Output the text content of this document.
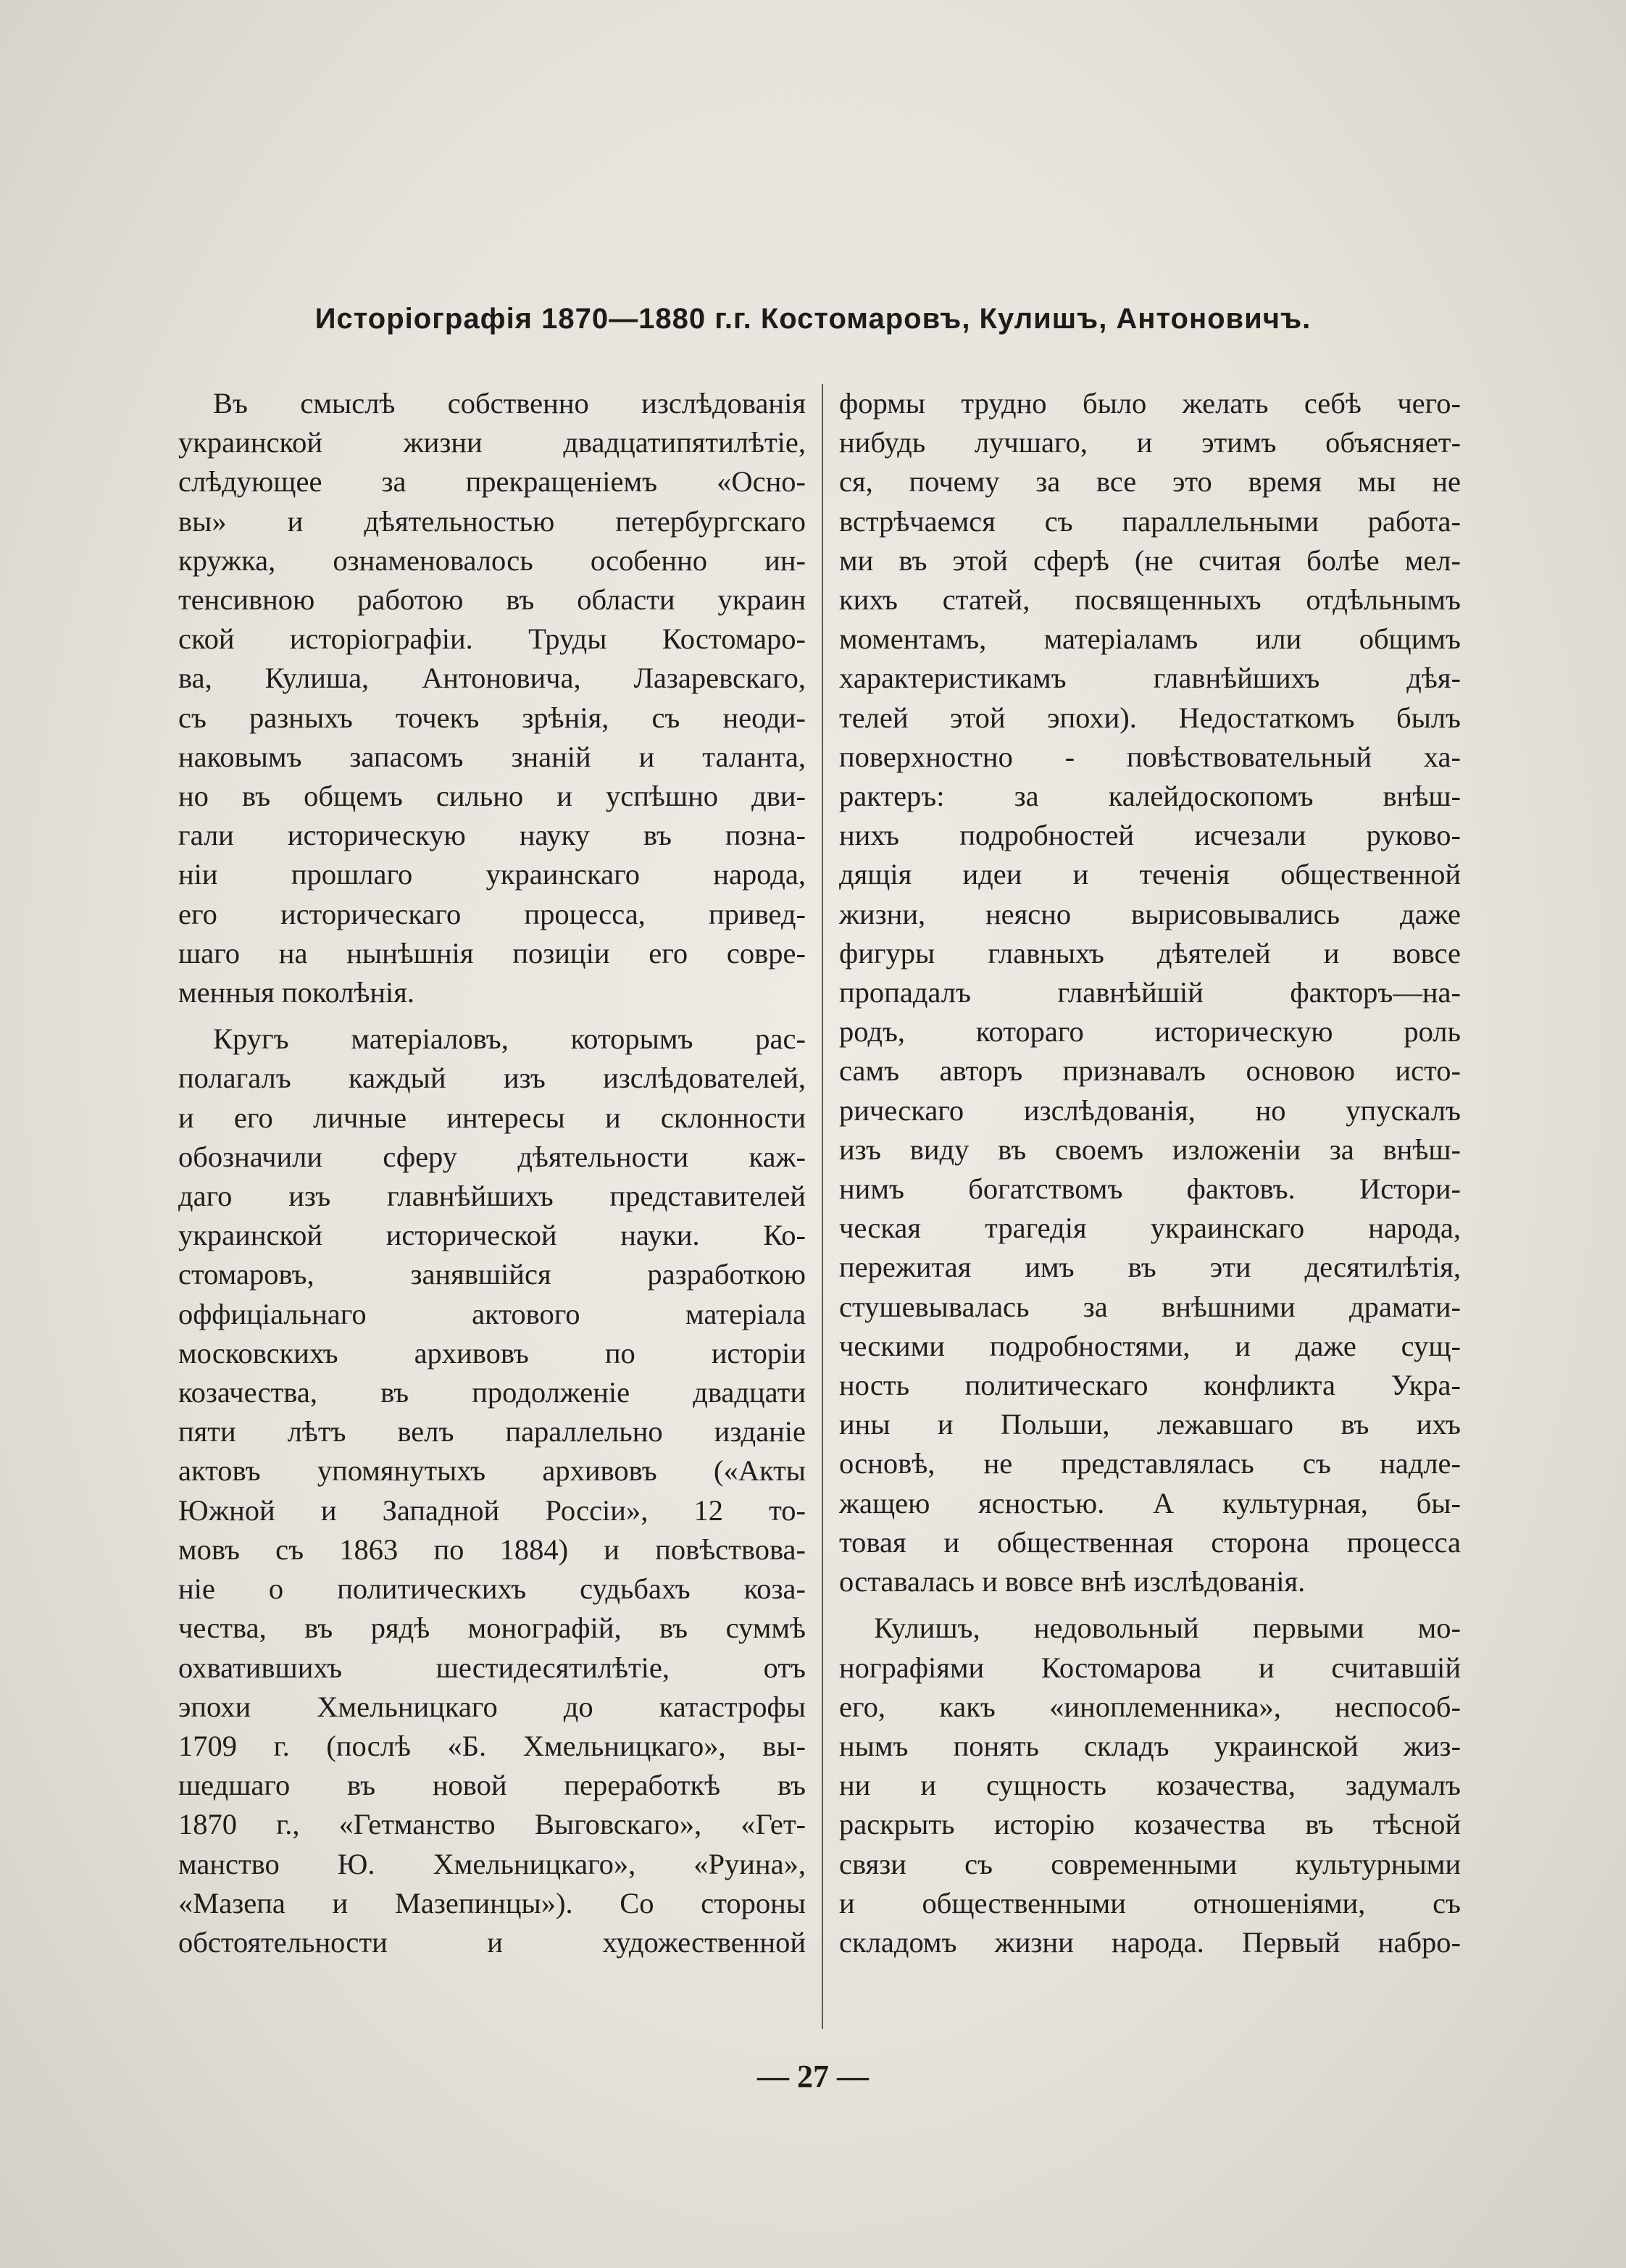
Исторіографія 1870—1880 г.г. Костомаровъ, Кулишъ, Антоновичъ.

Въ смыслѣ собственно изслѣдованія
украинской жизни двадцатипятилѣтіе,
слѣдующее за прекращеніемъ «Осно-
вы» и дѣятельностью петербургскаго
кружка, ознаменовалось особенно ин-
тенсивною работою въ области украин
ской исторіографіи. Труды Костомаро-
ва, Кулиша, Антоновича, Лазаревскаго,
съ разныхъ точекъ зрѣнія, съ неоди-
наковымъ запасомъ знаній и таланта,
но въ общемъ сильно и успѣшно дви-
гали историческую науку въ позна-
ніи прошлаго украинскаго народа,
его историческаго процесса, привед-
шаго на нынѣшнія позиціи его совре-
менныя поколѣнія.

Кругъ матеріаловъ, которымъ рас-
полагалъ каждый изъ изслѣдователей,
и его личные интересы и склонности
обозначили сферу дѣятельности каж-
даго изъ главнѣйшихъ представителей
украинской исторической науки. Ко-
стомаровъ, занявшійся разработкою
оффиціальнаго актового матеріала
московскихъ архивовъ по исторіи
козачества, въ продолженіе двадцати
пяти лѣтъ велъ параллельно изданіе
актовъ упомянутыхъ архивовъ («Акты
Южной и Западной Россіи», 12 то-
мовъ съ 1863 по 1884) и повѣствова-
ніе о политическихъ судьбахъ коза-
чества, въ рядѣ монографій, въ суммѣ
охватившихъ шестидесятилѣтіе, отъ
эпохи Хмельницкаго до катастрофы
1709 г. (послѣ «Б. Хмельницкаго», вы-
шедшаго въ новой переработкѣ въ
1870 г., «Гетманство Выговскаго», «Гет-
манство Ю. Хмельницкаго», «Руина»,
«Мазепа и Мазепинцы»). Со стороны
обстоятельности и художественной

формы трудно было желать себѣ чего-
нибудь лучшаго, и этимъ объясняет-
ся, почему за все это время мы не
встрѣчаемся съ параллельными работа-
ми въ этой сферѣ (не считая болѣе мел-
кихъ статей, посвященныхъ отдѣльнымъ
моментамъ, матеріаламъ или общимъ
характеристикамъ главнѣйшихъ дѣя-
телей этой эпохи). Недостаткомъ былъ
поверхностно - повѣствовательный ха-
рактеръ: за калейдоскопомъ внѣш-
нихъ подробностей исчезали руково-
дящія идеи и теченія общественной
жизни, неясно вырисовывались даже
фигуры главныхъ дѣятелей и вовсе
пропадалъ главнѣйшій факторъ—на-
родъ, котораго историческую роль
самъ авторъ признавалъ основою исто-
рическаго изслѣдованія, но упускалъ
изъ виду въ своемъ изложеніи за внѣш-
нимъ богатствомъ фактовъ. Истори-
ческая трагедія украинскаго народа,
пережитая имъ въ эти десятилѣтія,
стушевывалась за внѣшними драмати-
ческими подробностями, и даже сущ-
ность политическаго конфликта Укра-
ины и Польши, лежавшаго въ ихъ
основѣ, не представлялась съ надле-
жащею ясностью. А культурная, бы-
товая и общественная сторона процесса
оставалась и вовсе внѣ изслѣдованія.

Кулишъ, недовольный первыми мо-
нографіями Костомарова и считавшій
его, какъ «иноплеменника», неспособ-
нымъ понять складъ украинской жиз-
ни и сущность козачества, задумалъ
раскрыть исторію козачества въ тѣсной
связи съ современными культурными
и общественными отношеніями, съ
складомъ жизни народа. Первый набро-

— 27 —
